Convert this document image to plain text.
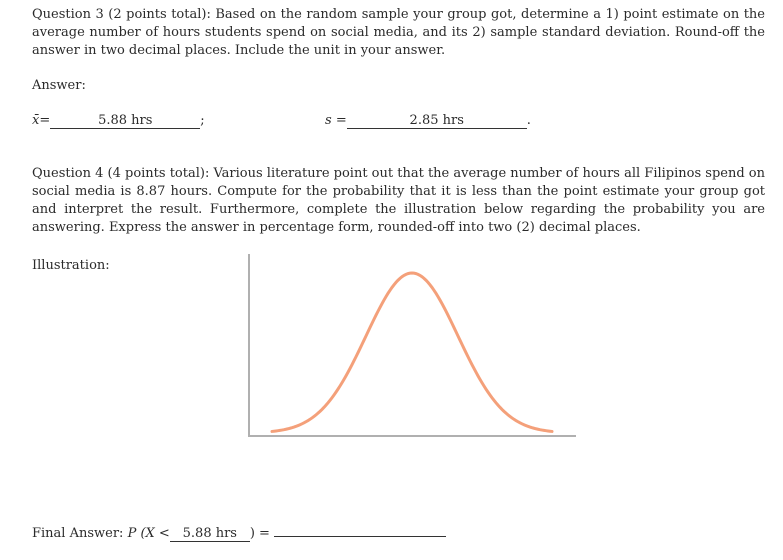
Question 3 (2 points total): Based on the random sample your group got, determine a 1) point estimate on the average number of hours students spend on social media, and its 2) sample standard deviation. Round-off the answer in two decimal places. Include the unit in your answer.
Answer:
x̄=	5.88 hrs	;	s =	2.85 hrs	.
Question 4 (4 points total): Various literature point out that the average number of hours all Filipinos spend on social media is 8.87 hours. Compute for the probability that it is less than the point estimate your group got and interpret the result. Furthermore, complete the illustration below regarding the probability you are answering. Express the answer in percentage form, rounded-off into two (2) decimal places.
Illustration:
Final Answer: P (X < 5.88 hrs ) =
